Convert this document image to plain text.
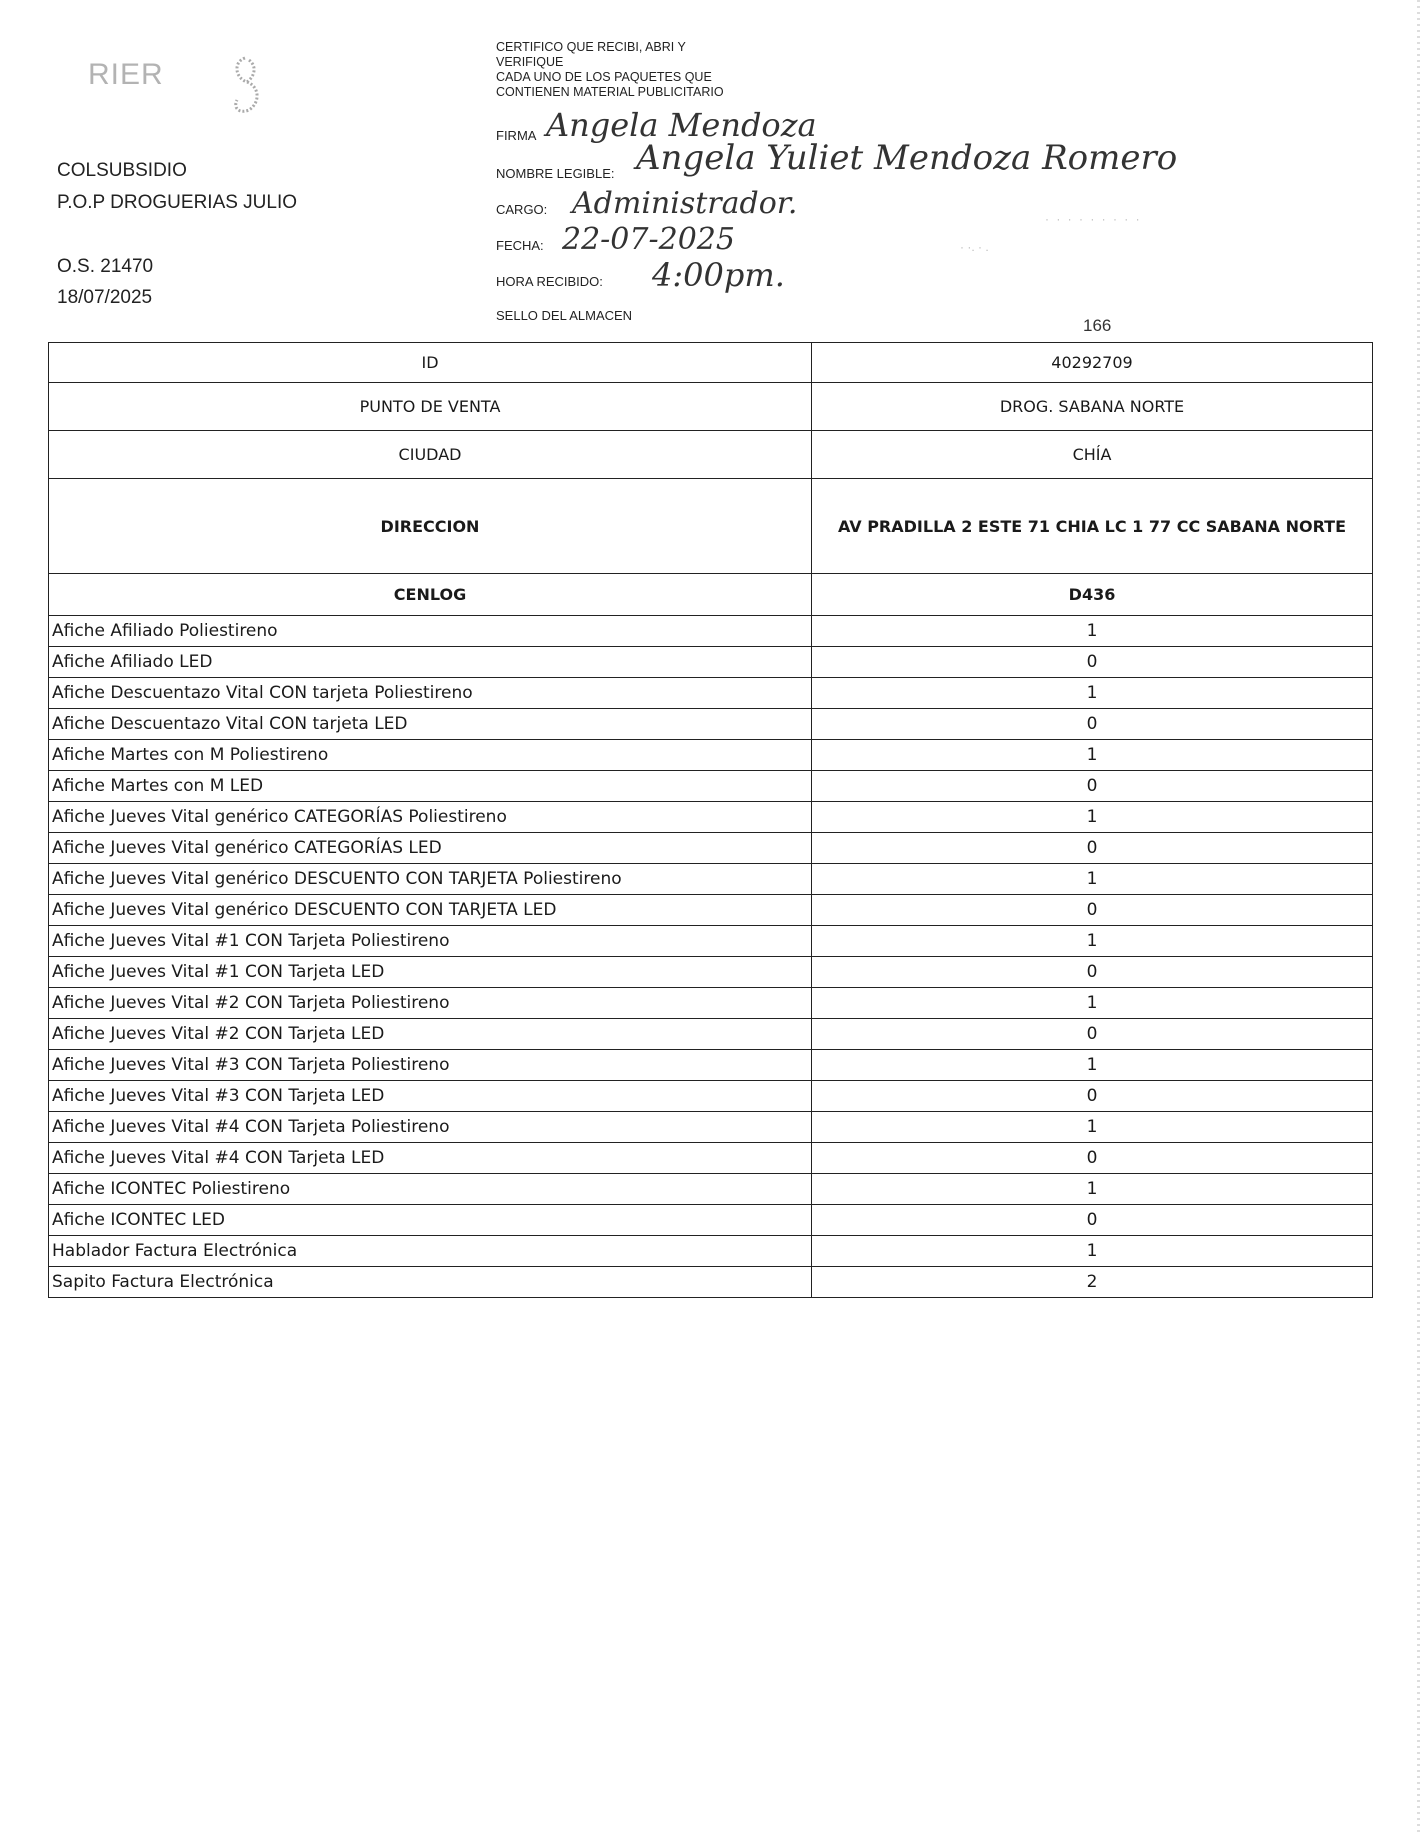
RIER
COLSUBSIDIO
P.O.P DROGUERIAS JULIO
O.S. 21470
18/07/2025
CERTIFICO QUE RECIBI, ABRI Y
VERIFIQUE
CADA UNO DE LOS PAQUETES QUE
CONTIENEN MATERIAL PUBLICITARIO
FIRMA Angela Mendoza
NOMBRE LEGIBLE: Angela Yuliet Mendoza Romero
CARGO: Administrador.
FECHA: 22-07-2025
HORA RECIBIDO: 4:00pm.
SELLO DEL ALMACEN
· · · · · · · · ·
· ·. · .
166
ID	40292709
PUNTO DE VENTA	DROG. SABANA NORTE
CIUDAD	CHÍA
DIRECCION	AV PRADILLA 2 ESTE 71 CHIA LC 1 77 CC SABANA NORTE
CENLOG	D436
Afiche Afiliado Poliestireno	1
Afiche Afiliado LED	0
Afiche Descuentazo Vital CON tarjeta Poliestireno	1
Afiche Descuentazo Vital CON tarjeta LED	0
Afiche Martes con M Poliestireno	1
Afiche Martes con M LED	0
Afiche Jueves Vital genérico CATEGORÍAS Poliestireno	1
Afiche Jueves Vital genérico CATEGORÍAS LED	0
Afiche Jueves Vital genérico DESCUENTO CON TARJETA Poliestireno	1
Afiche Jueves Vital genérico DESCUENTO CON TARJETA LED	0
Afiche Jueves Vital #1 CON Tarjeta Poliestireno	1
Afiche Jueves Vital #1 CON Tarjeta LED	0
Afiche Jueves Vital #2 CON Tarjeta Poliestireno	1
Afiche Jueves Vital #2 CON Tarjeta LED	0
Afiche Jueves Vital #3 CON Tarjeta Poliestireno	1
Afiche Jueves Vital #3 CON Tarjeta LED	0
Afiche Jueves Vital #4 CON Tarjeta Poliestireno	1
Afiche Jueves Vital #4 CON Tarjeta LED	0
Afiche ICONTEC Poliestireno	1
Afiche ICONTEC LED	0
Hablador Factura Electrónica	1
Sapito Factura Electrónica	2
